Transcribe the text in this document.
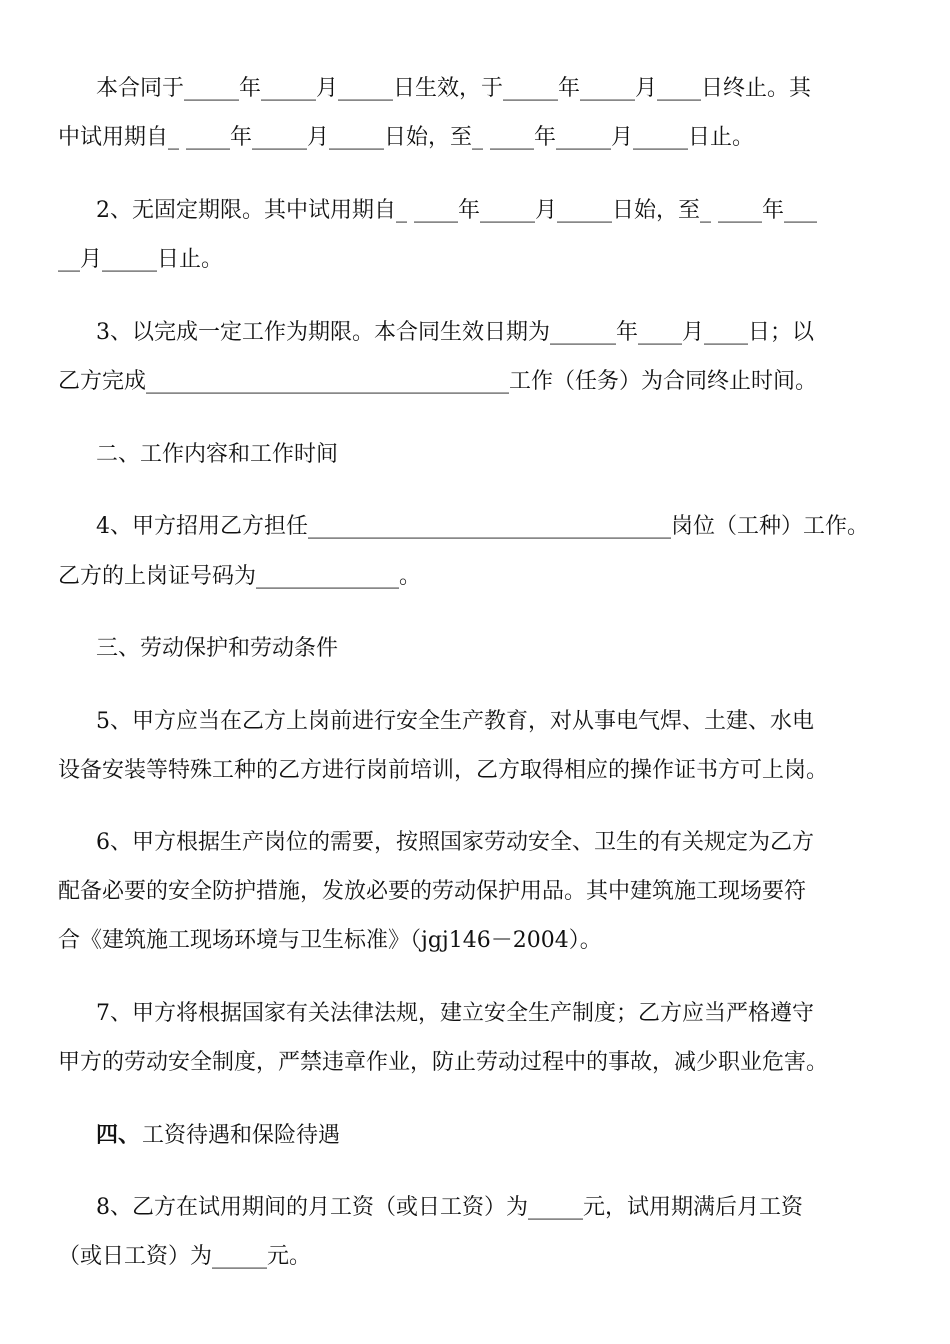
本合同于_____年_____月_____日生效，于_____年_____月____日终止。其
中试用期自_ ____年_____月_____日始，至_ ____年_____月_____日止。
2、无固定期限。其中试用期自_ ____年_____月_____日始，至_ ____年___
__月_____日止。
3、以完成一定工作为期限。本合同生效日期为______年____月____日；以
乙方完成_________________________________工作（任务）为合同终止时间。
二、工作内容和工作时间
4、甲方招用乙方担任_________________________________岗位（工种）工作。
乙方的上岗证号码为_____________。
三、劳动保护和劳动条件
5、甲方应当在乙方上岗前进行安全生产教育，对从事电气焊、土建、水电
设备安装等特殊工种的乙方进行岗前培训，乙方取得相应的操作证书方可上岗。
6、甲方根据生产岗位的需要，按照国家劳动安全、卫生的有关规定为乙方
配备必要的安全防护措施，发放必要的劳动保护用品。其中建筑施工现场要符
合《建筑施工现场环境与卫生标准》（jgj146－2004）。
7、甲方将根据国家有关法律法规，建立安全生产制度；乙方应当严格遵守
甲方的劳动安全制度，严禁违章作业，防止劳动过程中的事故，减少职业危害。
四、 工资待遇和保险待遇
8、乙方在试用期间的月工资（或日工资）为_____元，试用期满后月工资
（或日工资）为_____元。
